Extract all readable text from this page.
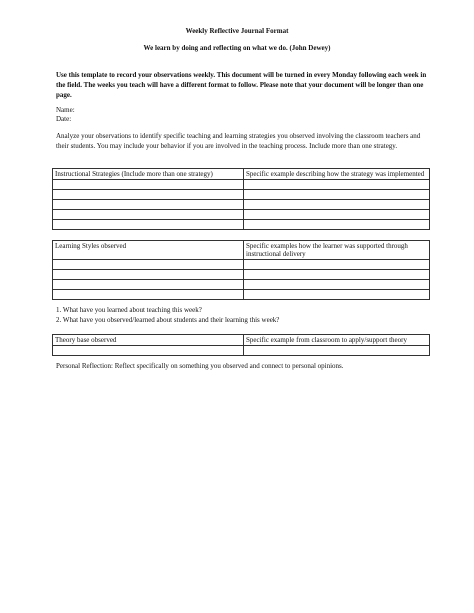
Weekly Reflective Journal Format
We learn by doing and reflecting on what we do. (John Dewey)
Use this template to record your observations weekly. This document will be turned in every Monday following each week in the field. The weeks you teach will have a different format to follow. Please note that your document will be longer than one page.
Name:
Date:
Analyze your observations to identify specific teaching and learning strategies you observed involving the classroom teachers and their students. You may include your behavior if you are involved in the teaching process. Include more than one strategy.
Instructional Strategies (Include more than one strategy)	Specific example describing how the strategy was implemented

Learning Styles observed	Specific examples how the learner was supported through instructional delivery

1. What have you learned about teaching this week?
2. What have you observed/learned about students and their learning this week?
Theory base observed	Specific example from classroom to apply/support theory

Personal Reflection: Reflect specifically on something you observed and connect to personal opinions.
